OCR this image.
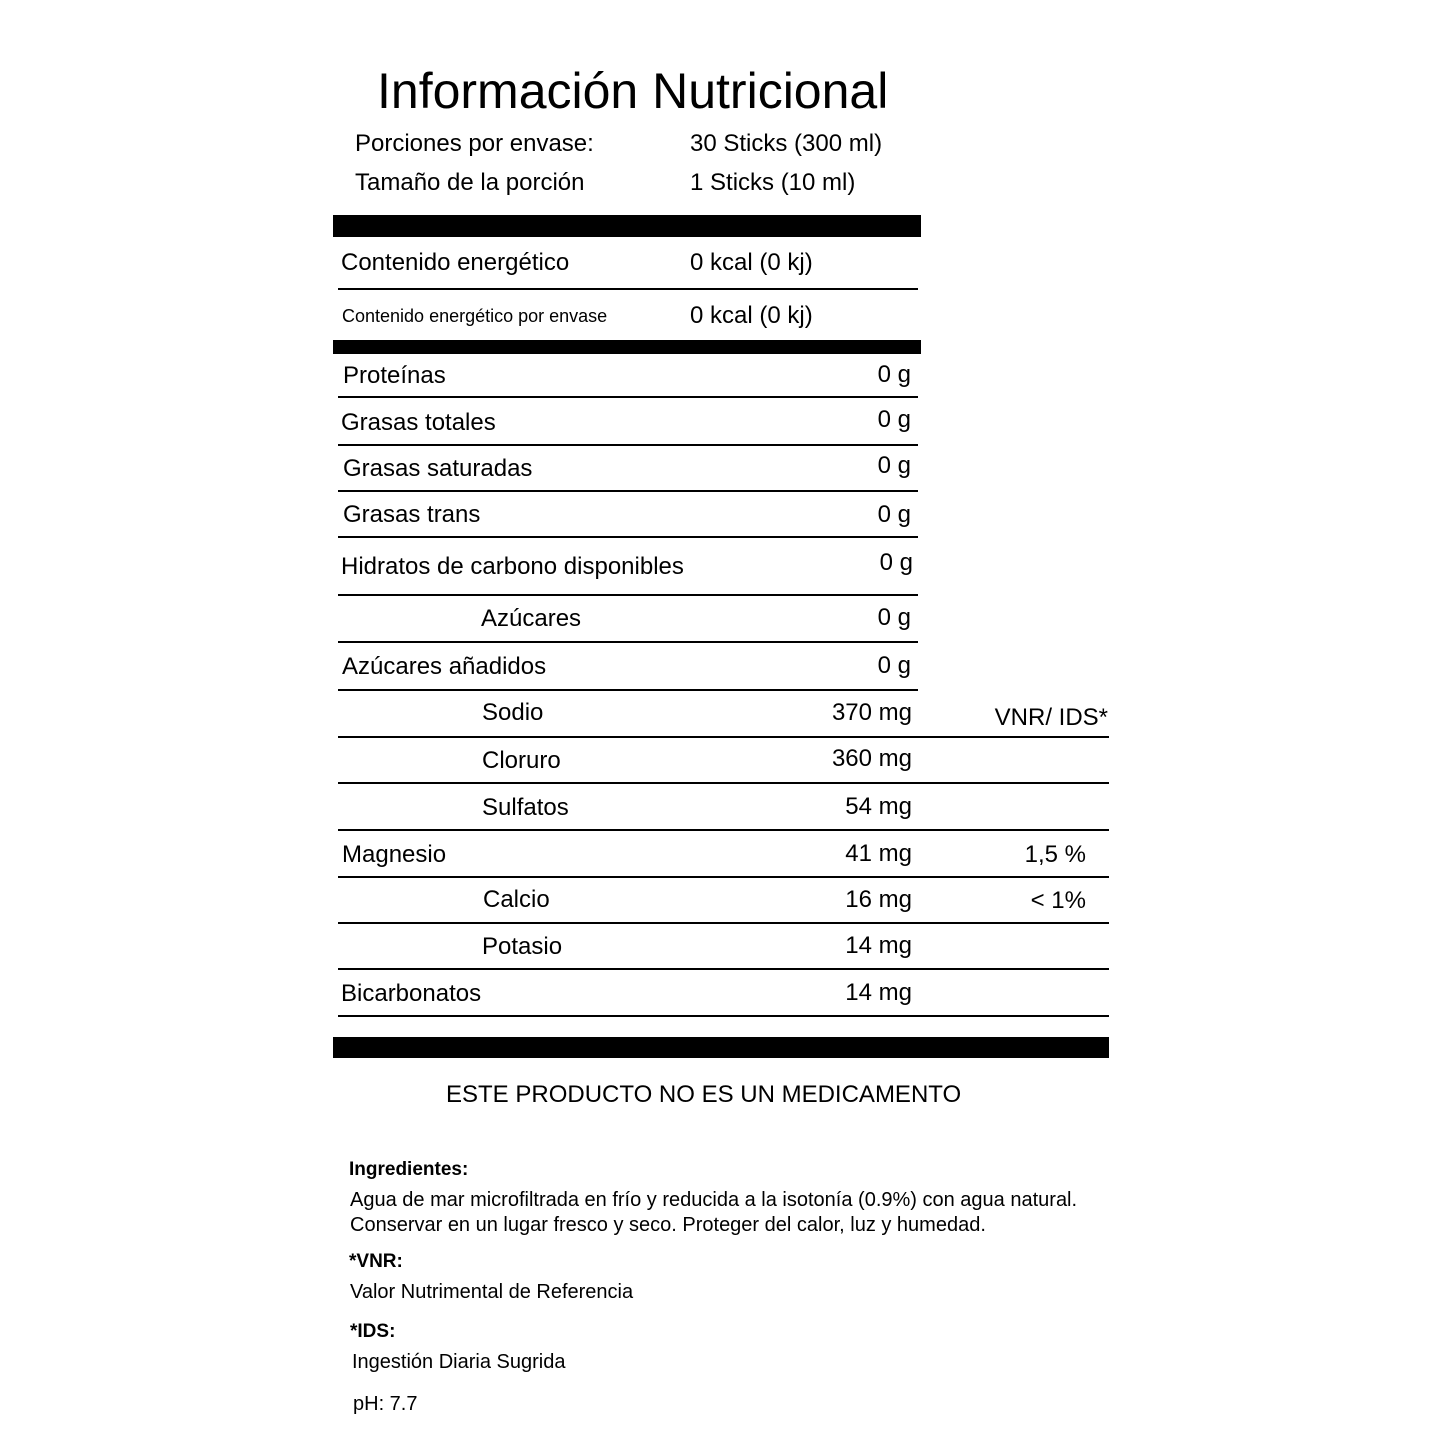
Información Nutricional
Porciones por envase:	30 Sticks (300 ml)
Tamaño de la porción	1 Sticks (10 ml)
Contenido energético	0 kcal (0 kj)
Contenido energético por envase	0 kcal (0 kj)
Proteínas	0 g
Grasas totales	0 g
Grasas saturadas	0 g
Grasas trans	0 g
Hidratos de carbono disponibles	0 g
Azúcares	0 g
Azúcares añadidos	0 g
Sodio	370 mg	VNR/ IDS*
Cloruro	360 mg
Sulfatos	54 mg
Magnesio	41 mg	1,5 %
Calcio	16 mg	< 1%
Potasio	14 mg
Bicarbonatos	14 mg
ESTE PRODUCTO NO ES UN MEDICAMENTO
Ingredientes:
Agua de mar microfiltrada en frío y reducida a la isotonía (0.9%) con agua natural.
Conservar en un lugar fresco y seco. Proteger del calor, luz y humedad.
*VNR:
Valor Nutrimental de Referencia
*IDS:
Ingestión Diaria Sugrida
pH: 7.7
